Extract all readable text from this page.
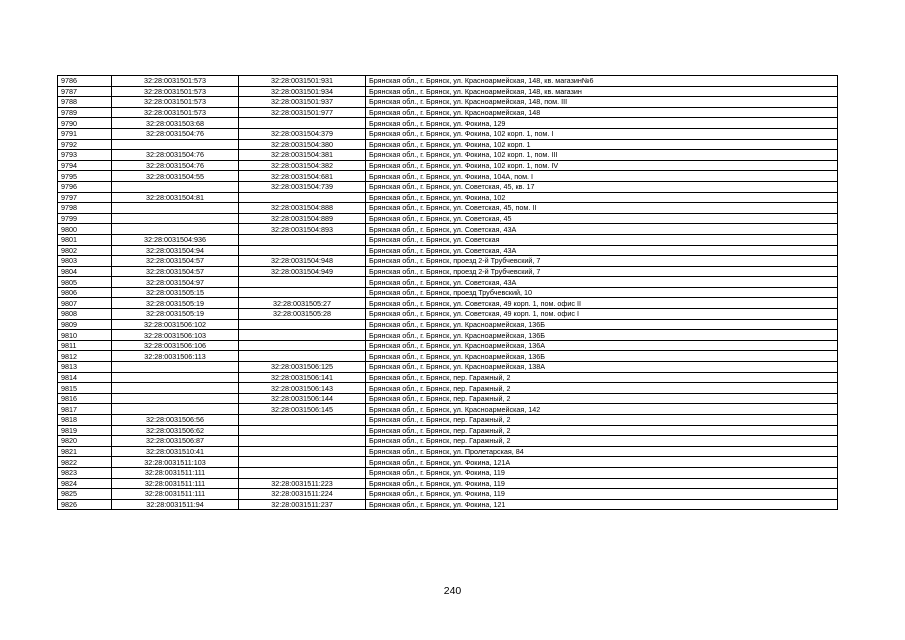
9786	32:28:0031501:573	32:28:0031501:931	Брянская обл., г. Брянск, ул. Красноармейская, 148, кв. магазин№6
9787	32:28:0031501:573	32:28:0031501:934	Брянская обл., г. Брянск, ул. Красноармейская, 148, кв. магазин
9788	32:28:0031501:573	32:28:0031501:937	Брянская обл., г. Брянск, ул. Красноармейская, 148, пом. III
9789	32:28:0031501:573	32:28:0031501:977	Брянская обл., г. Брянск, ул. Красноармейская, 148
9790	32:28:0031503:68		Брянская обл., г. Брянск, ул. Фокина, 129
9791	32:28:0031504:76	32:28:0031504:379	Брянская обл., г. Брянск, ул. Фокина, 102 корп. 1, пом. I
9792		32:28:0031504:380	Брянская обл., г. Брянск, ул. Фокина, 102 корп. 1
9793	32:28:0031504:76	32:28:0031504:381	Брянская обл., г. Брянск, ул. Фокина, 102 корп. 1, пом. III
9794	32:28:0031504:76	32:28:0031504:382	Брянская обл., г. Брянск, ул. Фокина, 102 корп. 1, пом. IV
9795	32:28:0031504:55	32:28:0031504:681	Брянская обл., г. Брянск, ул. Фокина, 104А, пом. I
9796		32:28:0031504:739	Брянская обл., г. Брянск, ул. Советская, 45, кв. 17
9797	32:28:0031504:81		Брянская обл., г. Брянск, ул. Фокина, 102
9798		32:28:0031504:888	Брянская обл., г. Брянск, ул. Советская, 45, пом. II
9799		32:28:0031504:889	Брянская обл., г. Брянск, ул. Советская, 45
9800		32:28:0031504:893	Брянская обл., г. Брянск, ул. Советская, 43А
9801	32:28:0031504:936		Брянская обл., г. Брянск, ул. Советская
9802	32:28:0031504:94		Брянская обл., г. Брянск, ул. Советская, 43А
9803	32:28:0031504:57	32:28:0031504:948	Брянская обл., г. Брянск, проезд 2-й Трубчевский, 7
9804	32:28:0031504:57	32:28:0031504:949	Брянская обл., г. Брянск, проезд 2-й Трубчевский, 7
9805	32:28:0031504:97		Брянская обл., г. Брянск, ул. Советская, 43А
9806	32:28:0031505:15		Брянская обл., г. Брянск, проезд Трубчевский, 10
9807	32:28:0031505:19	32:28:0031505:27	Брянская обл., г. Брянск, ул. Советская, 49 корп. 1, пом. офис II
9808	32:28:0031505:19	32:28:0031505:28	Брянская обл., г. Брянск, ул. Советская, 49 корп. 1, пом. офис I
9809	32:28:0031506:102		Брянская обл., г. Брянск, ул. Красноармейская, 136Б
9810	32:28:0031506:103		Брянская обл., г. Брянск, ул. Красноармейская, 136Б
9811	32:28:0031506:106		Брянская обл., г. Брянск, ул. Красноармейская, 136А
9812	32:28:0031506:113		Брянская обл., г. Брянск, ул. Красноармейская, 136Б
9813		32:28:0031506:125	Брянская обл., г. Брянск, ул. Красноармейская, 138А
9814		32:28:0031506:141	Брянская обл., г. Брянск, пер. Гаражный, 2
9815		32:28:0031506:143	Брянская обл., г. Брянск, пер. Гаражный, 2
9816		32:28:0031506:144	Брянская обл., г. Брянск, пер. Гаражный, 2
9817		32:28:0031506:145	Брянская обл., г. Брянск, ул. Красноармейская, 142
9818	32:28:0031506:56		Брянская обл., г. Брянск, пер. Гаражный, 2
9819	32:28:0031506:62		Брянская обл., г. Брянск, пер. Гаражный, 2
9820	32:28:0031506:87		Брянская обл., г. Брянск, пер. Гаражный, 2
9821	32:28:0031510:41		Брянская обл., г. Брянск, ул. Пролетарская, 84
9822	32:28:0031511:103		Брянская обл., г. Брянск, ул. Фокина, 121А
9823	32:28:0031511:111		Брянская обл., г. Брянск, ул. Фокина, 119
9824	32:28:0031511:111	32:28:0031511:223	Брянская обл., г. Брянск, ул. Фокина, 119
9825	32:28:0031511:111	32:28:0031511:224	Брянская обл., г. Брянск, ул. Фокина, 119
9826	32:28:0031511:94	32:28:0031511:237	Брянская обл., г. Брянск, ул. Фокина, 121
240
